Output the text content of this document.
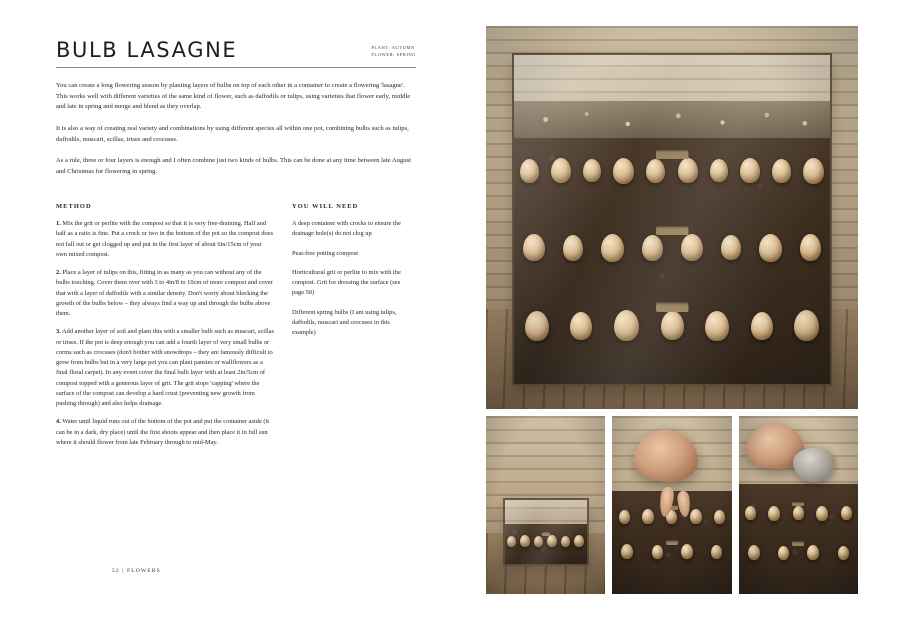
BULB LASAGNE	PLANT: AUTUMN
FLOWER: SPRING

You can create a long flowering season by planting layers of bulbs on top of each other in a container to create a flowering 'lasagne'. This works well with different varieties of the same kind of flower, such as daffodils or tulips, using varieties that flower early, middle and late in spring and merge and blend as they overlap.

It is also a way of creating real variety and combinations by using different species all within one pot, combining bulbs such as tulips, daffodils, muscari, scillas, irises and crocuses.

As a rule, three or four layers is enough and I often combine just two kinds of bulbs. This can be done at any time between late August and Christmas for flowering in spring.

METHOD

1. Mix the grit or perlite with the compost so that it is very free-draining. Half and half as a ratio is fine. Put a crock or two in the bottom of the pot so the compost does not fall out or get clogged up and put in the first layer of about 6in/15cm of your own mixed compost.

2. Place a layer of tulips on this, fitting in as many as you can without any of the bulbs touching. Cover them over with 3 to 4in/8 to 10cm of more compost and cover that with a layer of daffodils with a similar density. Don't worry about blocking the growth of the bulbs below – they always find a way up and through the bulbs above them.

3. Add another layer of soil and plant this with a smaller bulb such as muscari, scillas or irises. If the pot is deep enough you can add a fourth layer of very small bulbs or corms such as crocuses (don't bother with snowdrops – they are famously difficult to grow from bulbs but in a very large pot you can plant pansies or wallflowers as a final floral carpet). In any event cover the final bulb layer with at least 2in/5cm of compost topped with a generous layer of grit. The grit stops 'capping' where the surface of the compost can develop a hard crust (preventing new growth from pushing through) and also helps drainage.

4. Water until liquid runs out of the bottom of the pot and put the container aside (it can be in a dark, dry place) until the first shoots appear and then place it in full sun where it should flower from late February through to mid-May.

YOU WILL NEED

A deep container with crocks to ensure the drainage hole(s) do not clog up

Peat-free potting compost

Horticultural grit or perlite to mix with the compost. Grit for dressing the surface (see page 50)

Different spring bulbs (I am using tulips, daffodils, muscari and crocuses in this example)

52 | FLOWERS
